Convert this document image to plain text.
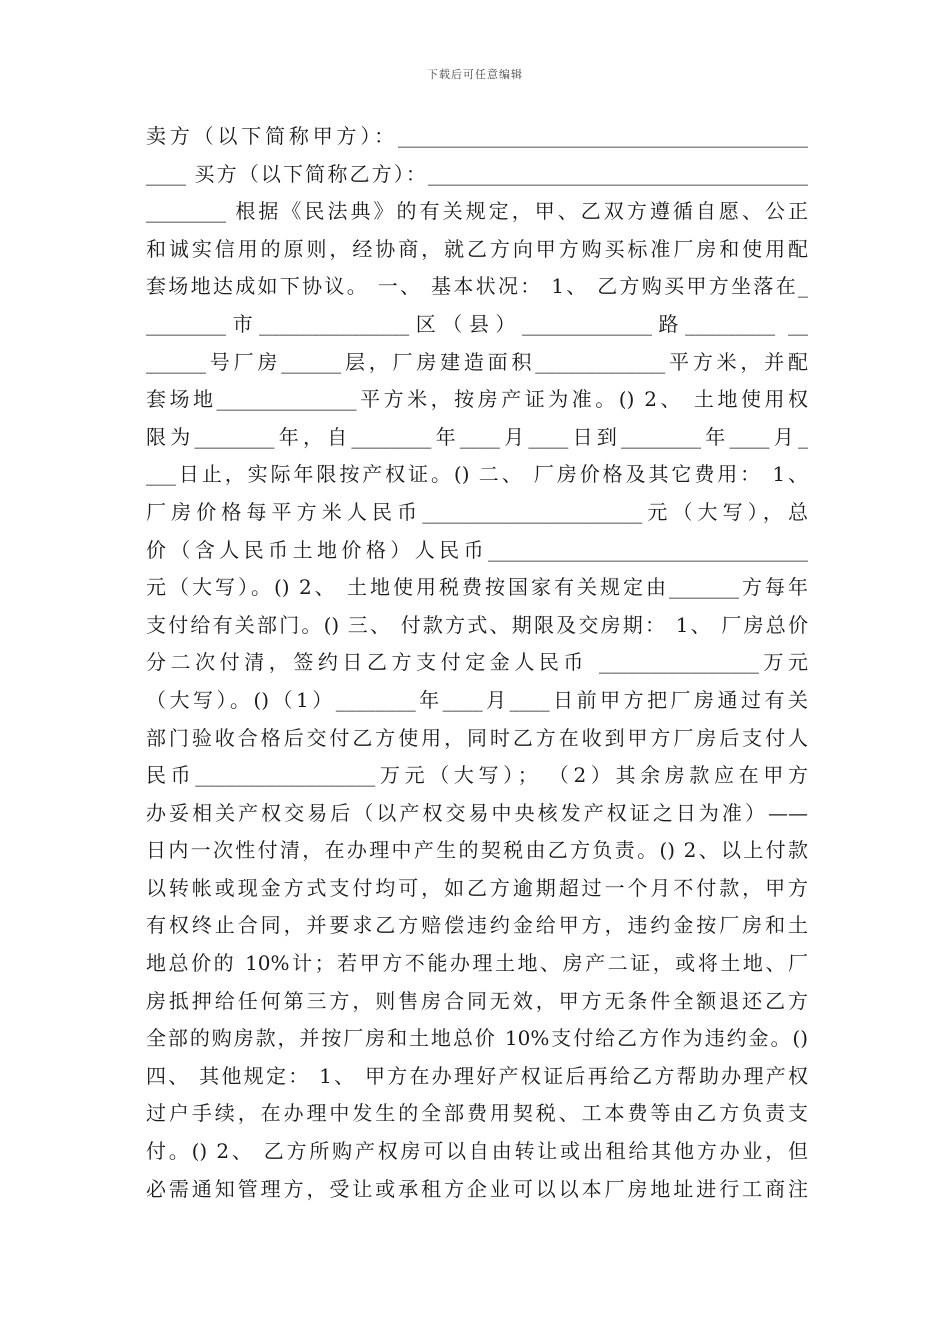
下载后可任意编辑
卖方（以下简称甲方）：_________________________________________
____ 买方（以下简称乙方）：______________________________________
________ 根据《民法典》的有关规定，甲、乙双方遵循自愿、公正
和诚实信用的原则，经协商，就乙方向甲方购买标准厂房和使用配
套场地达成如下协议。 一、 基本状况： 1、 乙方购买甲方坐落在_
________市_______________区（县）_____________路_________ __
______号厂房______层，厂房建造面积_____________平方米，并配
套场地______________平方米，按房产证为准。() 2、 土地使用权
限为________年，自________年____月____日到________年____月_
___日止，实际年限按产权证。() 二、 厂房价格及其它费用： 1、
厂房价格每平方米人民币______________________元（大写），总
价（含人民币土地价格）人民币________________________________
元（大写）。() 2、 土地使用税费按国家有关规定由_______方每年
支付给有关部门。() 三、 付款方式、期限及交房期： 1、 厂房总价
分二次付清，签约日乙方支付定金人民币 ________________万元
（大写）。()（1）________年____月____日前甲方把厂房通过有关
部门验收合格后交付乙方使用，同时乙方在收到甲方厂房后支付人
民币__________________万元（大写）； （2）其余房款应在甲方
办妥相关产权交易后（以产权交易中央核发产权证之日为准）——
日内一次性付清，在办理中产生的契税由乙方负责。() 2、以上付款
以转帐或现金方式支付均可，如乙方逾期超过一个月不付款，甲方
有权终止合同，并要求乙方赔偿违约金给甲方，违约金按厂房和土
地总价的 10%计；若甲方不能办理土地、房产二证，或将土地、厂
房抵押给任何第三方，则售房合同无效，甲方无条件全额退还乙方
全部的购房款，并按厂房和土地总价 10%支付给乙方作为违约金。()
四、 其他规定： 1、 甲方在办理好产权证后再给乙方帮助办理产权
过户手续，在办理中发生的全部费用契税、工本费等由乙方负责支
付。() 2、 乙方所购产权房可以自由转让或出租给其他方办业，但
必需通知管理方，受让或承租方企业可以以本厂房地址进行工商注
